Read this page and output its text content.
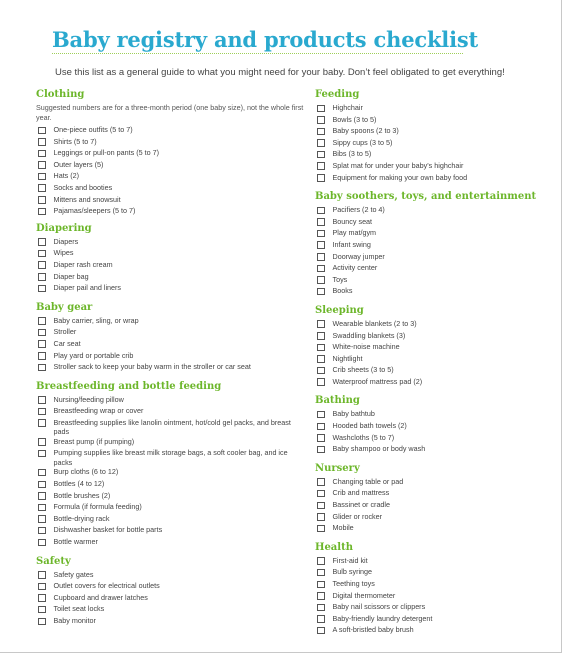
Baby registry and products checklist
Use this list as a general guide to what you might need for your baby. Don’t feel obligated to get everything!
Clothing
Suggested numbers are for a three-month period (one baby size), not the whole first year.
One-piece outfits (5 to 7)
Shirts (5 to 7)
Leggings or pull-on pants (5 to 7)
Outer layers (5)
Hats (2)
Socks and booties
Mittens and snowsuit
Pajamas/sleepers (5 to 7)
Diapering
Diapers
Wipes
Diaper rash cream
Diaper bag
Diaper pail and liners
Baby gear
Baby carrier, sling, or wrap
Stroller
Car seat
Play yard or portable crib
Stroller sack to keep your baby warm in the stroller or car seat
Breastfeeding and bottle feeding
Nursing/feeding pillow
Breastfeeding wrap or cover
Breastfeeding supplies like lanolin ointment, hot/cold gel packs, and breast pads
Breast pump (if pumping)
Pumping supplies like breast milk storage bags, a soft cooler bag, and ice packs
Burp cloths (6 to 12)
Bottles (4 to 12)
Bottle brushes (2)
Formula (if formula feeding)
Bottle-drying rack
Dishwasher basket for bottle parts
Bottle warmer
Safety
Safety gates
Outlet covers for electrical outlets
Cupboard and drawer latches
Toilet seat locks
Baby monitor
Feeding
Highchair
Bowls (3 to 5)
Baby spoons (2 to 3)
Sippy cups (3 to 5)
Bibs (3 to 5)
Splat mat for under your baby’s highchair
Equipment for making your own baby food
Baby soothers, toys, and entertainment
Pacifiers (2 to 4)
Bouncy seat
Play mat/gym
Infant swing
Doorway jumper
Activity center
Toys
Books
Sleeping
Wearable blankets (2 to 3)
Swaddling blankets (3)
White-noise machine
Nightlight
Crib sheets (3 to 5)
Waterproof mattress pad (2)
Bathing
Baby bathtub
Hooded bath towels (2)
Washcloths (5 to 7)
Baby shampoo or body wash
Nursery
Changing table or pad
Crib and mattress
Bassinet or cradle
Glider or rocker
Mobile
Health
First-aid kit
Bulb syringe
Teething toys
Digital thermometer
Baby nail scissors or clippers
Baby-friendly laundry detergent
A soft-bristled baby brush
